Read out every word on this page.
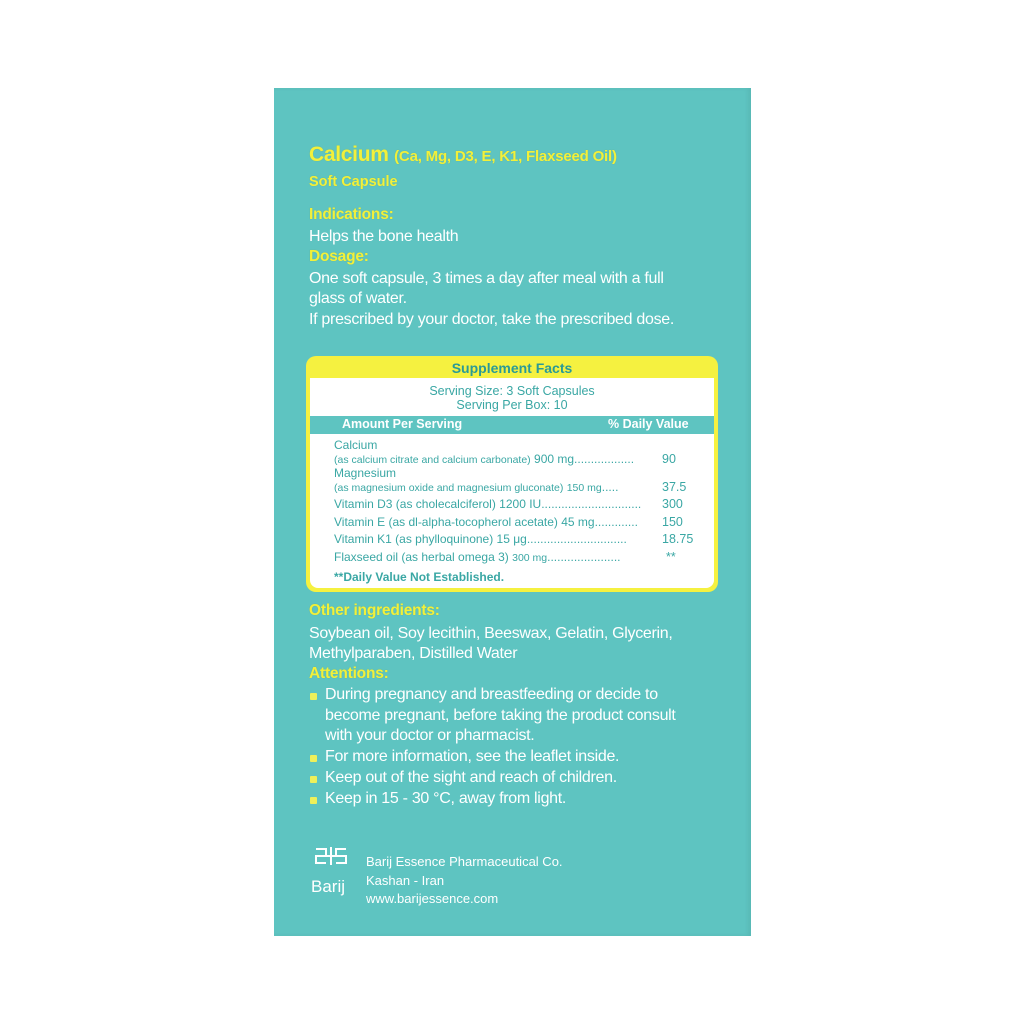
Calcium (Ca, Mg, D3, E, K1, Flaxseed Oil)
Soft Capsule
Indications:
Helps the bone health
Dosage:
One soft capsule, 3 times a day after meal with a full
glass of water.
If prescribed by your doctor, take the prescribed dose.
Supplement Facts
Serving Size: 3 Soft Capsules
Serving Per Box: 10
Amount Per Serving	% Daily Value
Calcium
(as calcium citrate and calcium carbonate) 900 mg.................. 90
Magnesium
(as magnesium oxide and magnesium gluconate) 150 mg.....	37.5
Vitamin D3 (as cholecalciferol) 1200 IU.............................. 300
Vitamin E (as dl-alpha-tocopherol acetate) 45 mg............. 150
Vitamin K1 (as phylloquinone) 15 μg..............................	18.75
Flaxseed oil (as herbal omega 3) 300 mg......................	**
**Daily Value Not Established.
Other ingredients:
Soybean oil, Soy lecithin, Beeswax, Gelatin, Glycerin,
Methylparaben, Distilled Water
Attentions:
During pregnancy and breastfeeding or decide to
become pregnant, before taking the product consult
with your doctor or pharmacist.
For more information, see the leaflet inside.
Keep out of the sight and reach of children.
Keep in 15 - 30 °C, away from light.
Barij
Barij Essence Pharmaceutical Co.
Kashan - Iran
www.barijessence.com
